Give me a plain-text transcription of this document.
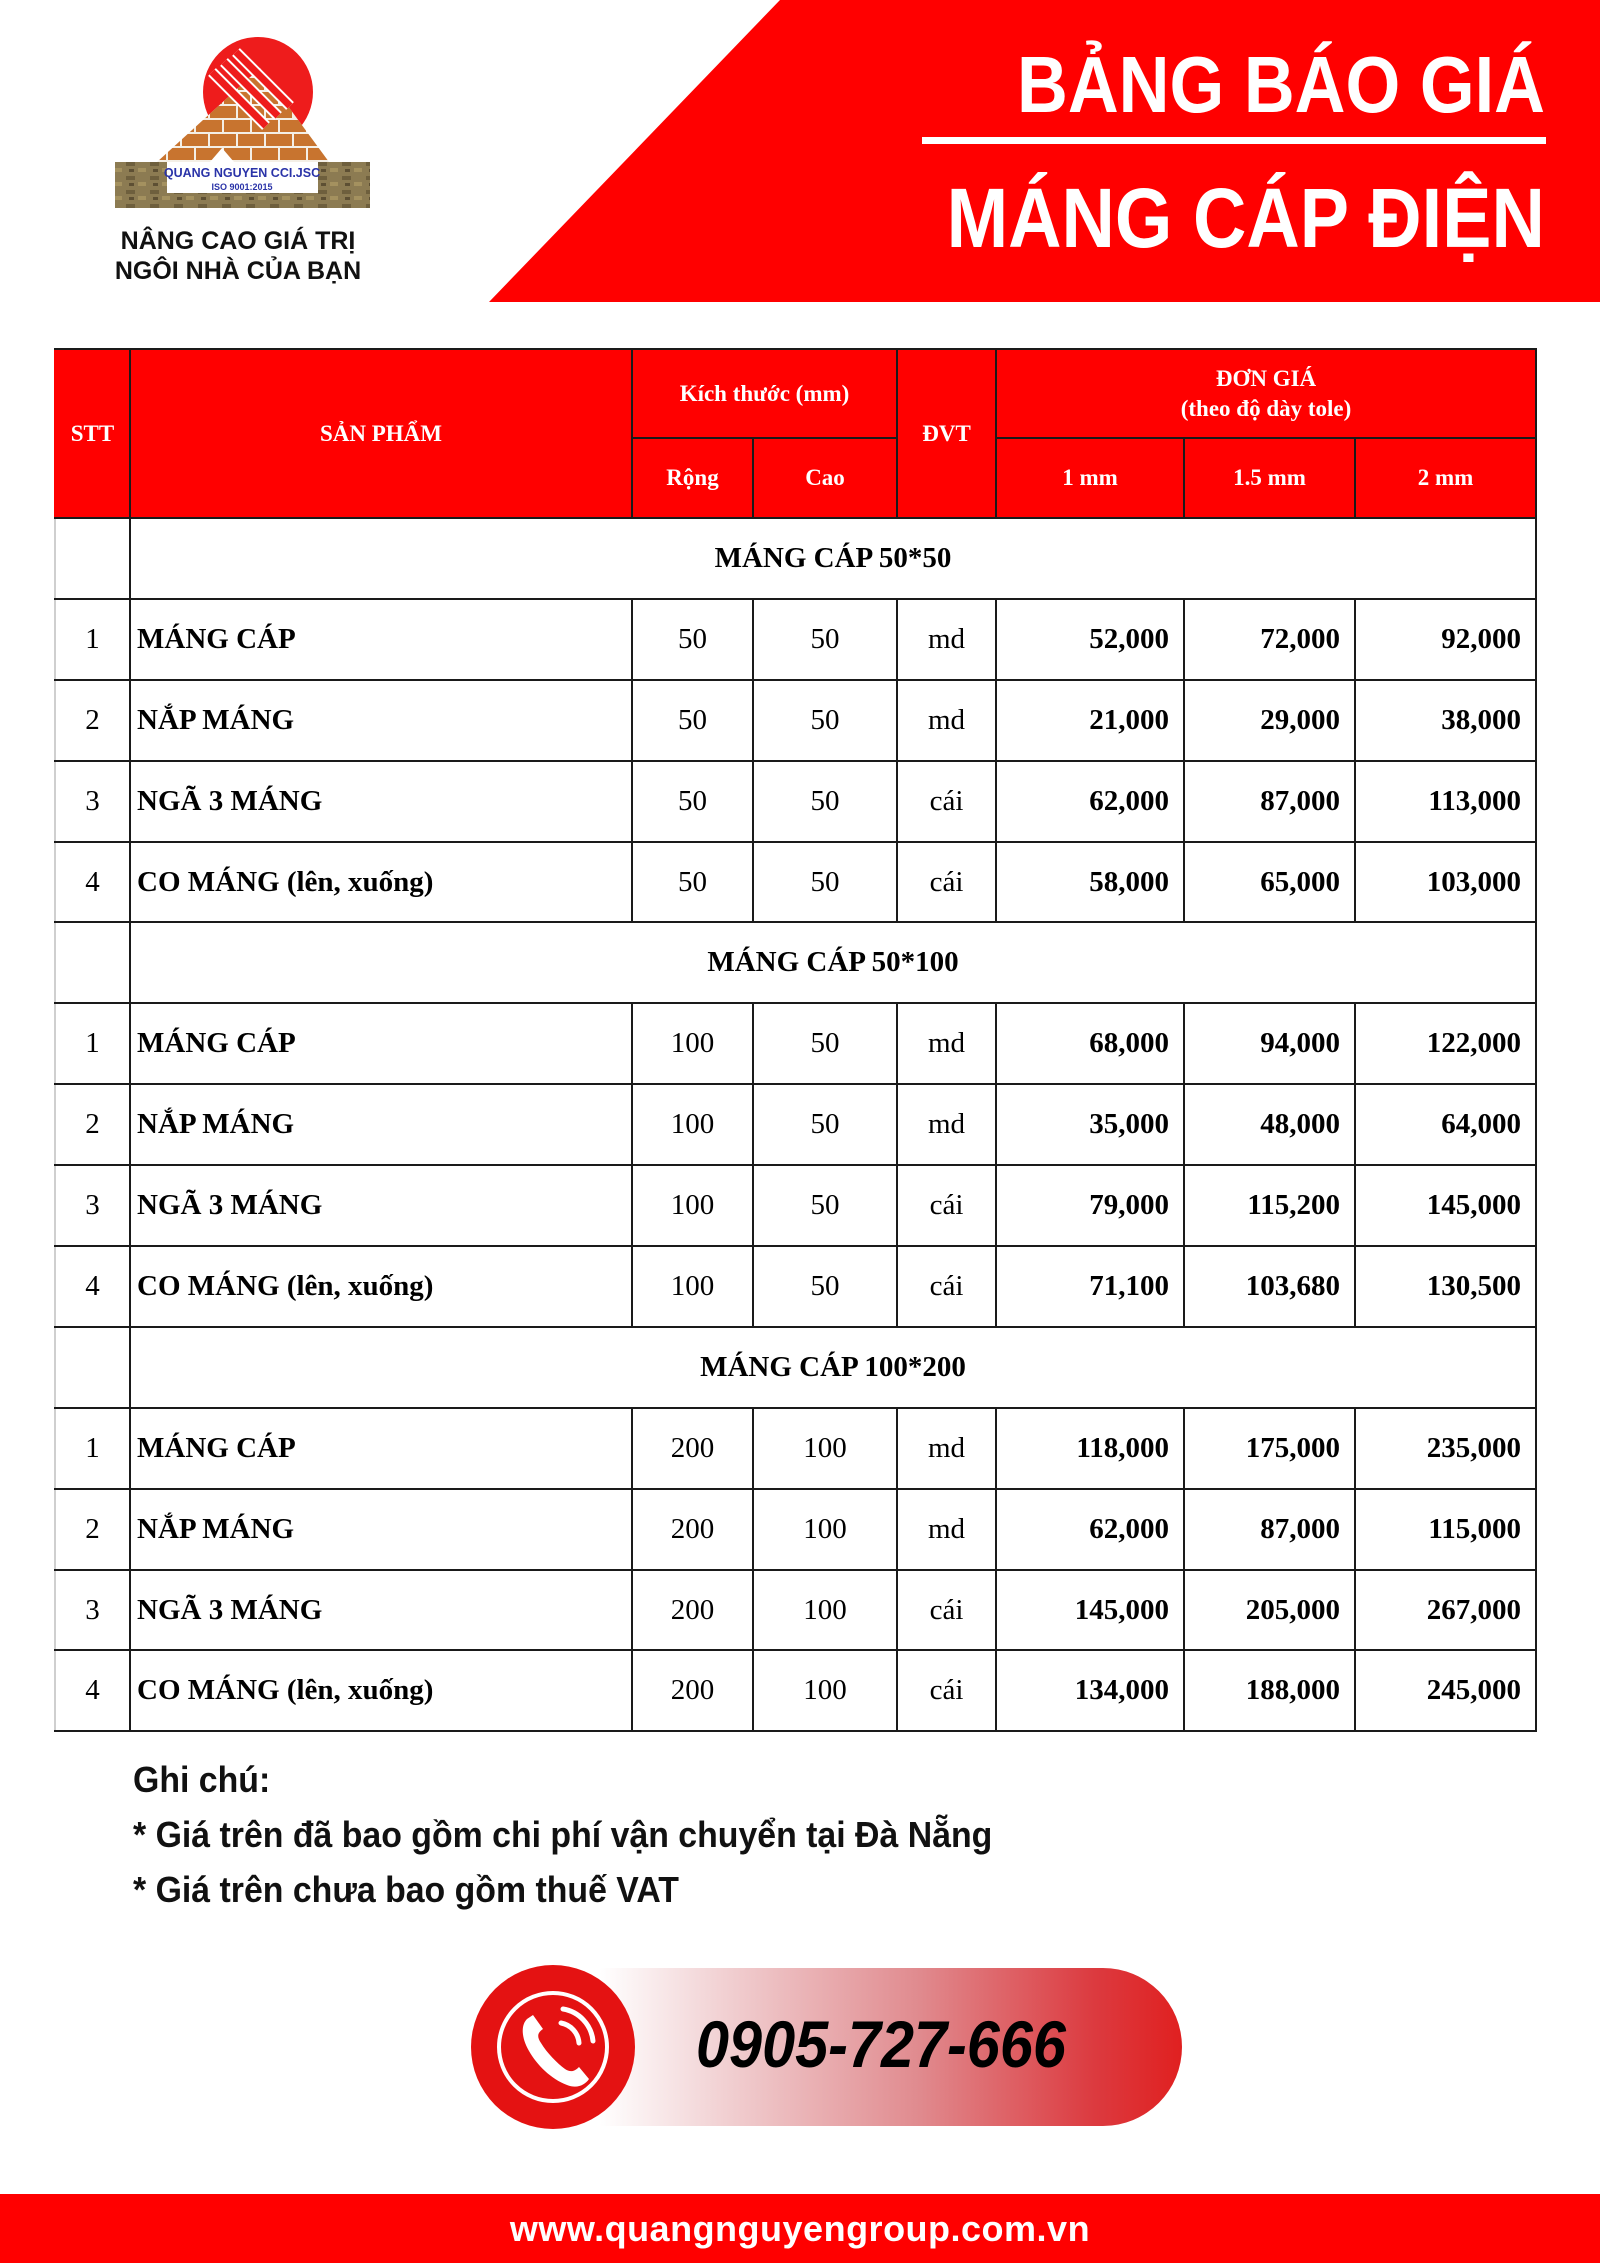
QUANG NGUYEN CCI.JSC
ISO 9001:2015
NÂNG CAO GIÁ TRỊ
NGÔI NHÀ CỦA BẠN
BẢNG BÁO GIÁ
MÁNG CÁP ĐIỆN
STT	SẢN PHẨM	Kích thước (mm)		ĐVT	ĐƠN GIÁ
(theo độ dày tole)		

		Rộng	Cao		1 mm	1.5 mm	2 mm
	MÁNG CÁP 50*50						
1	MÁNG CÁP	50	50	md	52,000	72,000	92,000
2	NẮP MÁNG	50	50	md	21,000	29,000	38,000
3	NGÃ 3 MÁNG	50	50	cái	62,000	87,000	113,000
4	CO MÁNG (lên, xuống)	50	50	cái	58,000	65,000	103,000
	MÁNG CÁP 50*100						
1	MÁNG CÁP	100	50	md	68,000	94,000	122,000
2	NẮP MÁNG	100	50	md	35,000	48,000	64,000
3	NGÃ 3 MÁNG	100	50	cái	79,000	115,200	145,000
4	CO MÁNG (lên, xuống)	100	50	cái	71,100	103,680	130,500
	MÁNG CÁP 100*200						
1	MÁNG CÁP	200	100	md	118,000	175,000	235,000
2	NẮP MÁNG	200	100	md	62,000	87,000	115,000
3	NGÃ 3 MÁNG	200	100	cái	145,000	205,000	267,000
4	CO MÁNG (lên, xuống)	200	100	cái	134,000	188,000	245,000
Ghi chú:
* Giá trên đã bao gồm chi phí vận chuyển tại Đà Nẵng
* Giá trên chưa bao gồm thuế VAT
0905-727-666
www.quangnguyengroup.com.vn
